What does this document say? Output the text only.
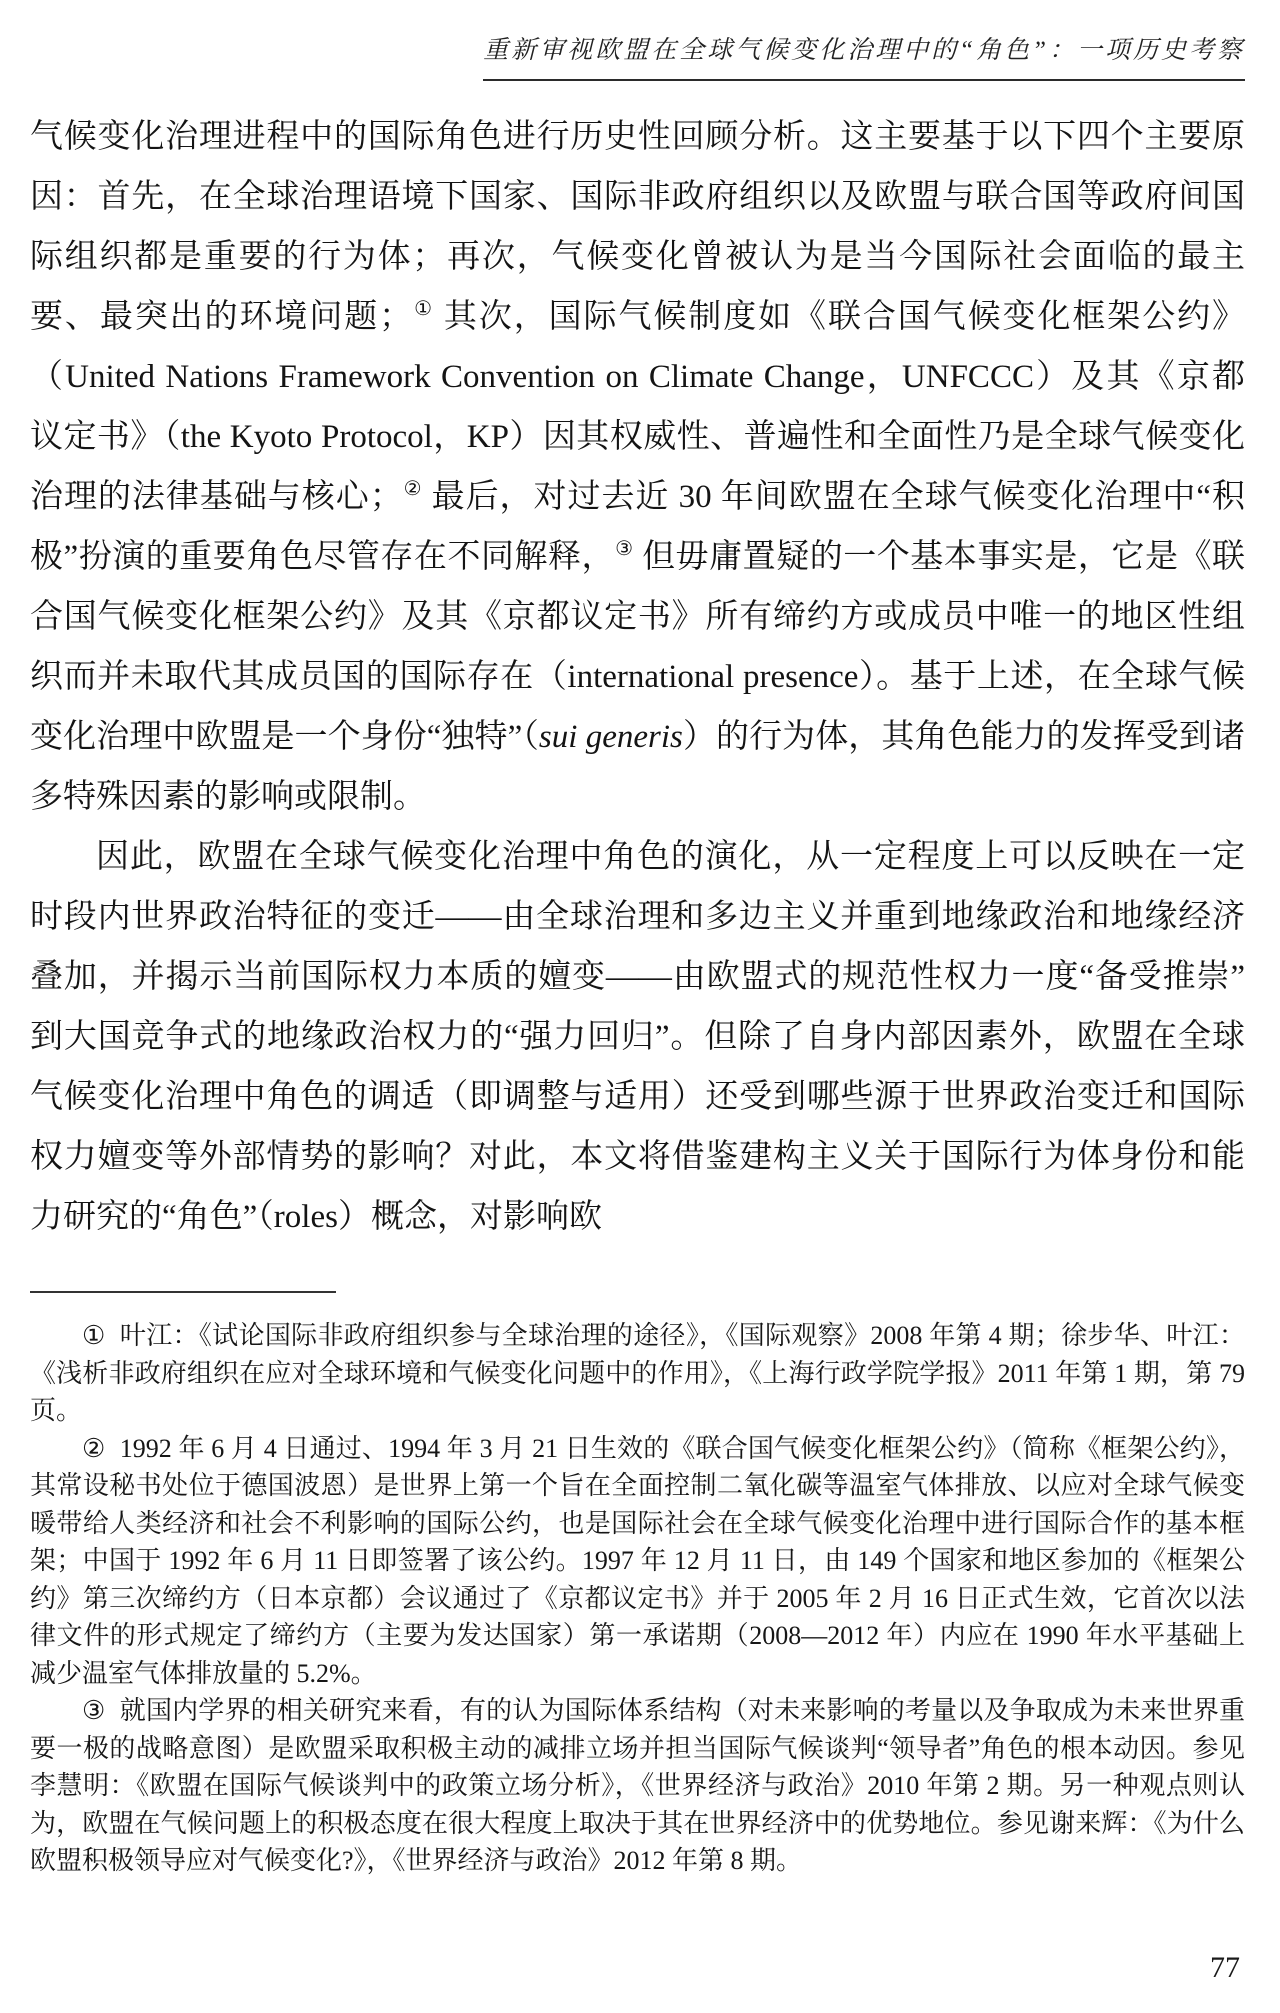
重新审视欧盟在全球气候变化治理中的“角色”：一项历史考察

气候变化治理进程中的国际角色进行历史性回顾分析。这主要基于以下四个主要原因：首先，在全球治理语境下国家、国际非政府组织以及欧盟与联合国等政府间国际组织都是重要的行为体；再次，气候变化曾被认为是当今国际社会面临的最主要、最突出的环境问题；① 其次，国际气候制度如《联合国气候变化框架公约》（United Nations Framework Convention on Climate Change，UNFCCC）及其《京都议定书》（the Kyoto Protocol，KP）因其权威性、普遍性和全面性乃是全球气候变化治理的法律基础与核心；② 最后，对过去近 30 年间欧盟在全球气候变化治理中“积极”扮演的重要角色尽管存在不同解释，③ 但毋庸置疑的一个基本事实是，它是《联合国气候变化框架公约》及其《京都议定书》所有缔约方或成员中唯一的地区性组织而并未取代其成员国的国际存在（international presence）。基于上述，在全球气候变化治理中欧盟是一个身份“独特”（sui generis）的行为体，其角色能力的发挥受到诸多特殊因素的影响或限制。

因此，欧盟在全球气候变化治理中角色的演化，从一定程度上可以反映在一定时段内世界政治特征的变迁——由全球治理和多边主义并重到地缘政治和地缘经济叠加，并揭示当前国际权力本质的嬗变——由欧盟式的规范性权力一度“备受推崇”到大国竞争式的地缘政治权力的“强力回归”。但除了自身内部因素外，欧盟在全球气候变化治理中角色的调适（即调整与适用）还受到哪些源于世界政治变迁和国际权力嬗变等外部情势的影响？对此，本文将借鉴建构主义关于国际行为体身份和能力研究的“角色”（roles）概念，对影响欧

① 叶江：《试论国际非政府组织参与全球治理的途径》，《国际观察》2008 年第 4 期；徐步华、叶江：《浅析非政府组织在应对全球环境和气候变化问题中的作用》，《上海行政学院学报》2011 年第 1 期，第 79 页。

② 1992 年 6 月 4 日通过、1994 年 3 月 21 日生效的《联合国气候变化框架公约》（简称《框架公约》，其常设秘书处位于德国波恩）是世界上第一个旨在全面控制二氧化碳等温室气体排放、以应对全球气候变暖带给人类经济和社会不利影响的国际公约，也是国际社会在全球气候变化治理中进行国际合作的基本框架；中国于 1992 年 6 月 11 日即签署了该公约。1997 年 12 月 11 日，由 149 个国家和地区参加的《框架公约》第三次缔约方（日本京都）会议通过了《京都议定书》并于 2005 年 2 月 16 日正式生效，它首次以法律文件的形式规定了缔约方（主要为发达国家）第一承诺期（2008—2012 年）内应在 1990 年水平基础上减少温室气体排放量的 5.2%。

③ 就国内学界的相关研究来看，有的认为国际体系结构（对未来影响的考量以及争取成为未来世界重要一极的战略意图）是欧盟采取积极主动的减排立场并担当国际气候谈判“领导者”角色的根本动因。参见李慧明：《欧盟在国际气候谈判中的政策立场分析》，《世界经济与政治》2010 年第 2 期。另一种观点则认为，欧盟在气候问题上的积极态度在很大程度上取决于其在世界经济中的优势地位。参见谢来辉：《为什么欧盟积极领导应对气候变化?》，《世界经济与政治》2012 年第 8 期。

77
